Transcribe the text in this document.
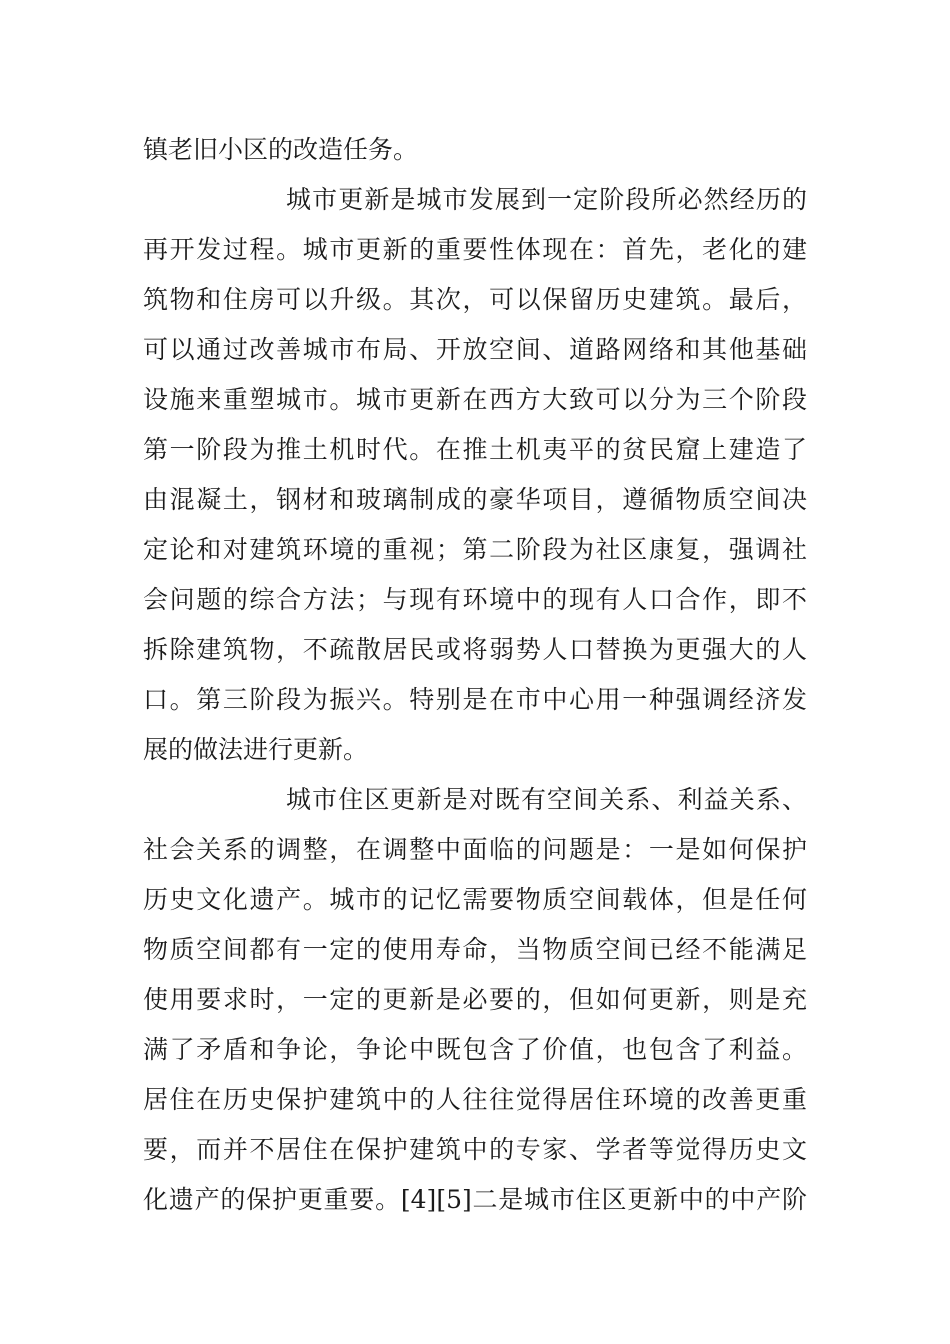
镇老旧小区的改造任务。
城市更新是城市发展到一定阶段所必然经历的
再开发过程。城市更新的重要性体现在：首先，老化的建
筑物和住房可以升级。其次，可以保留历史建筑。最后，
可以通过改善城市布局、开放空间、道路网络和其他基础
设施来重塑城市。城市更新在西方大致可以分为三个阶段
第一阶段为推土机时代。在推土机夷平的贫民窟上建造了
由混凝土，钢材和玻璃制成的豪华项目，遵循物质空间决
定论和对建筑环境的重视；第二阶段为社区康复，强调社
会问题的综合方法；与现有环境中的现有人口合作，即不
拆除建筑物，不疏散居民或将弱势人口替换为更强大的人
口。第三阶段为振兴。特别是在市中心用一种强调经济发
展的做法进行更新。
城市住区更新是对既有空间关系、利益关系、
社会关系的调整，在调整中面临的问题是：一是如何保护
历史文化遗产。城市的记忆需要物质空间载体，但是任何
物质空间都有一定的使用寿命，当物质空间已经不能满足
使用要求时，一定的更新是必要的，但如何更新，则是充
满了矛盾和争论，争论中既包含了价值，也包含了利益。
居住在历史保护建筑中的人往往觉得居住环境的改善更重
要，而并不居住在保护建筑中的专家、学者等觉得历史文
化遗产的保护更重要。[4][5]二是城市住区更新中的中产阶
